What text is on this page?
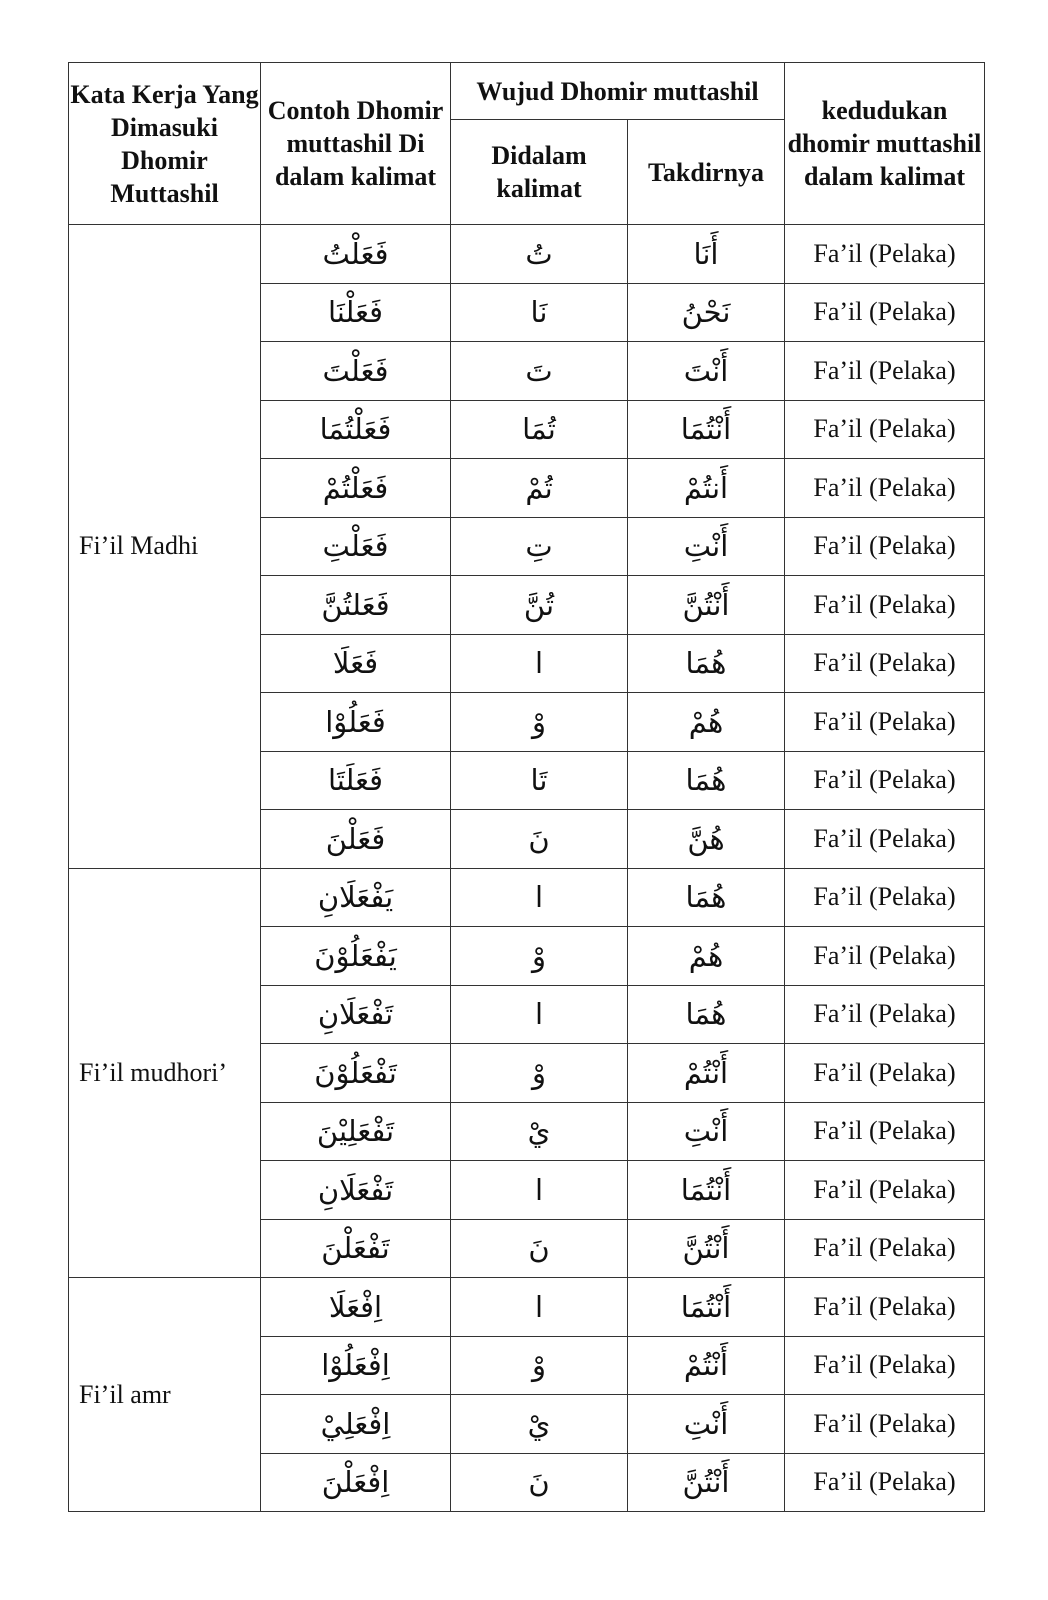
Kata Kerja Yang Dimasuki Dhomir Muttashil	Contoh Dhomir muttashil Di dalam kalimat	Wujud Dhomir muttashil		kedudukan dhomir muttashil dalam kalimat
		Didalam kalimat	Takdirnya	
Fi’il Madhi	فَعَلْتُ	تُ	أَنَا	Fa’il (Pelaka)
	فَعَلْنَا	نَا	نَحْنُ	Fa’il (Pelaka)
	فَعَلْتَ	تَ	أَنْتَ	Fa’il (Pelaka)
	فَعَلْتُمَا	تُمَا	أَنْتُمَا	Fa’il (Pelaka)
	فَعَلْتُمْ	تُمْ	أَنتُمْ	Fa’il (Pelaka)
	فَعَلْتِ	تِ	أَنْتِ	Fa’il (Pelaka)
	فَعَلتُنَّ	تُنَّ	أَنْتُنَّ	Fa’il (Pelaka)
	فَعَلَا	ا	هُمَا	Fa’il (Pelaka)
	فَعَلُوْا	وْ	هُمْ	Fa’il (Pelaka)
	فَعَلَتَا	تَا	هُمَا	Fa’il (Pelaka)
	فَعَلْنَ	نَ	هُنَّ	Fa’il (Pelaka)
Fi’il mudhori’	يَفْعَلَانِ	ا	هُمَا	Fa’il (Pelaka)
	يَفْعَلُوْنَ	وْ	هُمْ	Fa’il (Pelaka)
	تَفْعَلَانِ	ا	هُمَا	Fa’il (Pelaka)
	تَفْعَلُوْنَ	وْ	أَنْتُمْ	Fa’il (Pelaka)
	تَفْعَلِيْنَ	يْ	أَنْتِ	Fa’il (Pelaka)
	تَفْعَلَانِ	ا	أَنْتُمَا	Fa’il (Pelaka)
	تَفْعَلْنَ	نَ	أَنْتُنَّ	Fa’il (Pelaka)
Fi’il amr	اِفْعَلَا	ا	أَنْتُمَا	Fa’il (Pelaka)
	اِفْعَلُوْا	وْ	أَنْتُمْ	Fa’il (Pelaka)
	اِفْعَلِيْ	يْ	أَنْتِ	Fa’il (Pelaka)
	اِفْعَلْنَ	نَ	أَنْتُنَّ	Fa’il (Pelaka)
